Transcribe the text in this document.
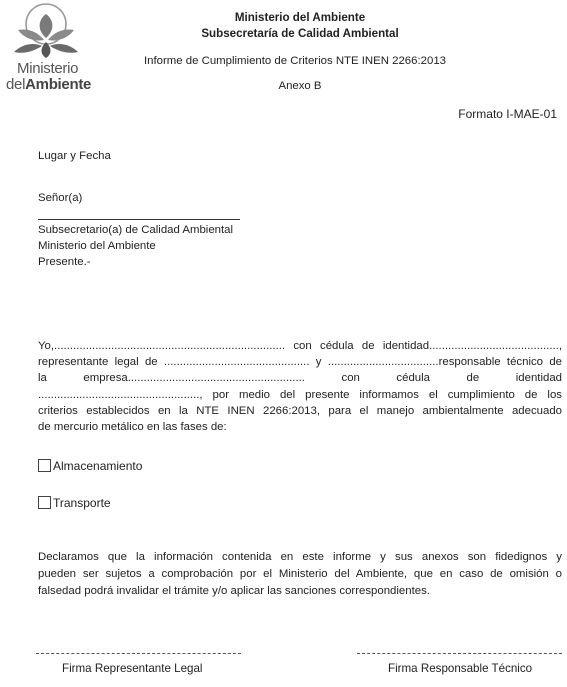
Ministerio
delAmbiente
Ministerio del Ambiente
Subsecretaría de Calidad Ambiental
Informe de Cumplimiento de Criterios NTE INEN 2266:2013
Anexo B
Formato I-MAE-01
Lugar y Fecha
Señor(a)
Subsecretario(a) de Calidad Ambiental
Ministerio del Ambiente
Presente.-
Yo,......................................................................... con cédula de identidad.........................................,
representante legal de .............................................. y ...................................responsable técnico de
la empresa........................................................ con cédula de identidad
..................................................., por medio del presente informamos el cumplimiento de los
criterios establecidos en la NTE INEN 2266:2013, para el manejo ambientalmente adecuado
de mercurio metálico en las fases de:
Almacenamiento
Transporte
Declaramos que la información contenida en este informe y sus anexos son fidedignos y
pueden ser sujetos a comprobación por el Ministerio del Ambiente, que en caso de omisión o
falsedad podrá invalidar el trámite y/o aplicar las sanciones correspondientes.
Firma Representante Legal	Firma Responsable Técnico
